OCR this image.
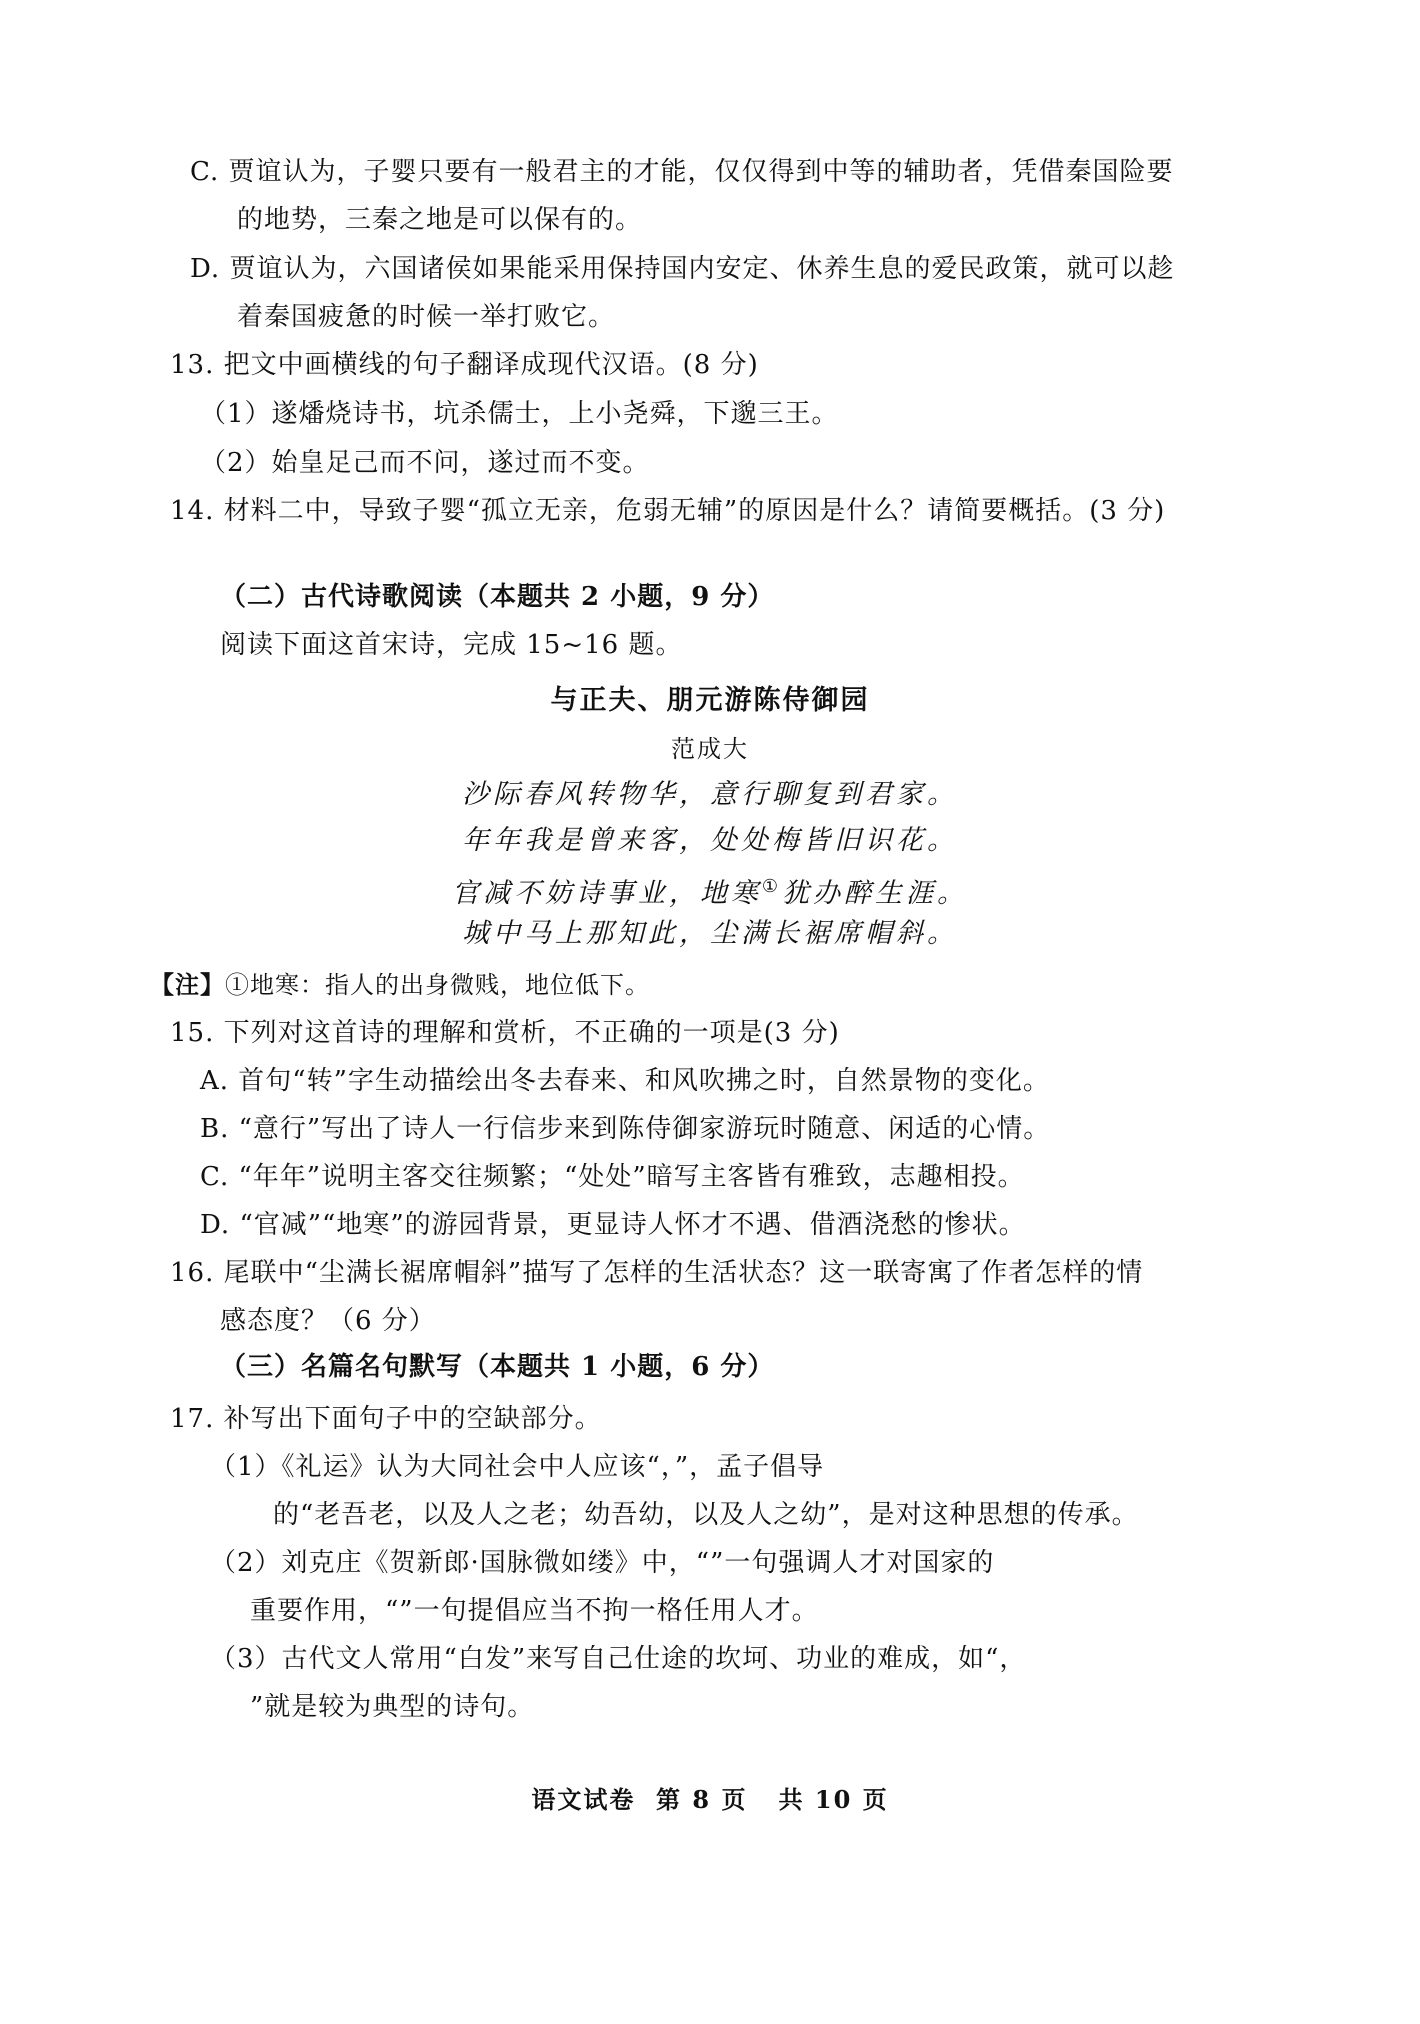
C. 贾谊认为，子婴只要有一般君主的才能，仅仅得到中等的辅助者，凭借秦国险要
的地势，三秦之地是可以保有的。
D. 贾谊认为，六国诸侯如果能采用保持国内安定、休养生息的爱民政策，就可以趁
着秦国疲惫的时候一举打败它。
13. 把文中画横线的句子翻译成现代汉语。(8 分)
（1）遂燔烧诗书，坑杀儒士，上小尧舜，下邈三王。
（2）始皇足己而不问，遂过而不变。
14. 材料二中，导致子婴“孤立无亲，危弱无辅”的原因是什么？请简要概括。(3 分)
（二）古代诗歌阅读（本题共 2 小题，9 分）
阅读下面这首宋诗，完成 15~16 题。
与正夫、朋元游陈侍御园
范成大
沙际春风转物华，意行聊复到君家。
年年我是曾来客，处处梅皆旧识花。
官减不妨诗事业，地寒①犹办醉生涯。
城中马上那知此，尘满长裾席帽斜。
【注】①地寒：指人的出身微贱，地位低下。
15. 下列对这首诗的理解和赏析，不正确的一项是(3 分)
A. 首句“转”字生动描绘出冬去春来、和风吹拂之时，自然景物的变化。
B. “意行”写出了诗人一行信步来到陈侍御家游玩时随意、闲适的心情。
C. “年年”说明主客交往频繁；“处处”暗写主客皆有雅致，志趣相投。
D. “官减”“地寒”的游园背景，更显诗人怀才不遇、借酒浇愁的惨状。
16. 尾联中“尘满长裾席帽斜”描写了怎样的生活状态？这一联寄寓了作者怎样的情
感态度？（6 分）
（三）名篇名句默写（本题共 1 小题，6 分）
17. 补写出下面句子中的空缺部分。
（1）《礼运》认为大同社会中人应该“，”，孟子倡导
的“老吾老，以及人之老；幼吾幼，以及人之幼”，是对这种思想的传承。
（2）刘克庄《贺新郎·国脉微如缕》中，“”一句强调人才对国家的
重要作用，“”一句提倡应当不拘一格任用人才。
（3）古代文人常用“白发”来写自己仕途的坎坷、功业的难成，如“，
”就是较为典型的诗句。
语文试卷 第 8 页 共 10 页
